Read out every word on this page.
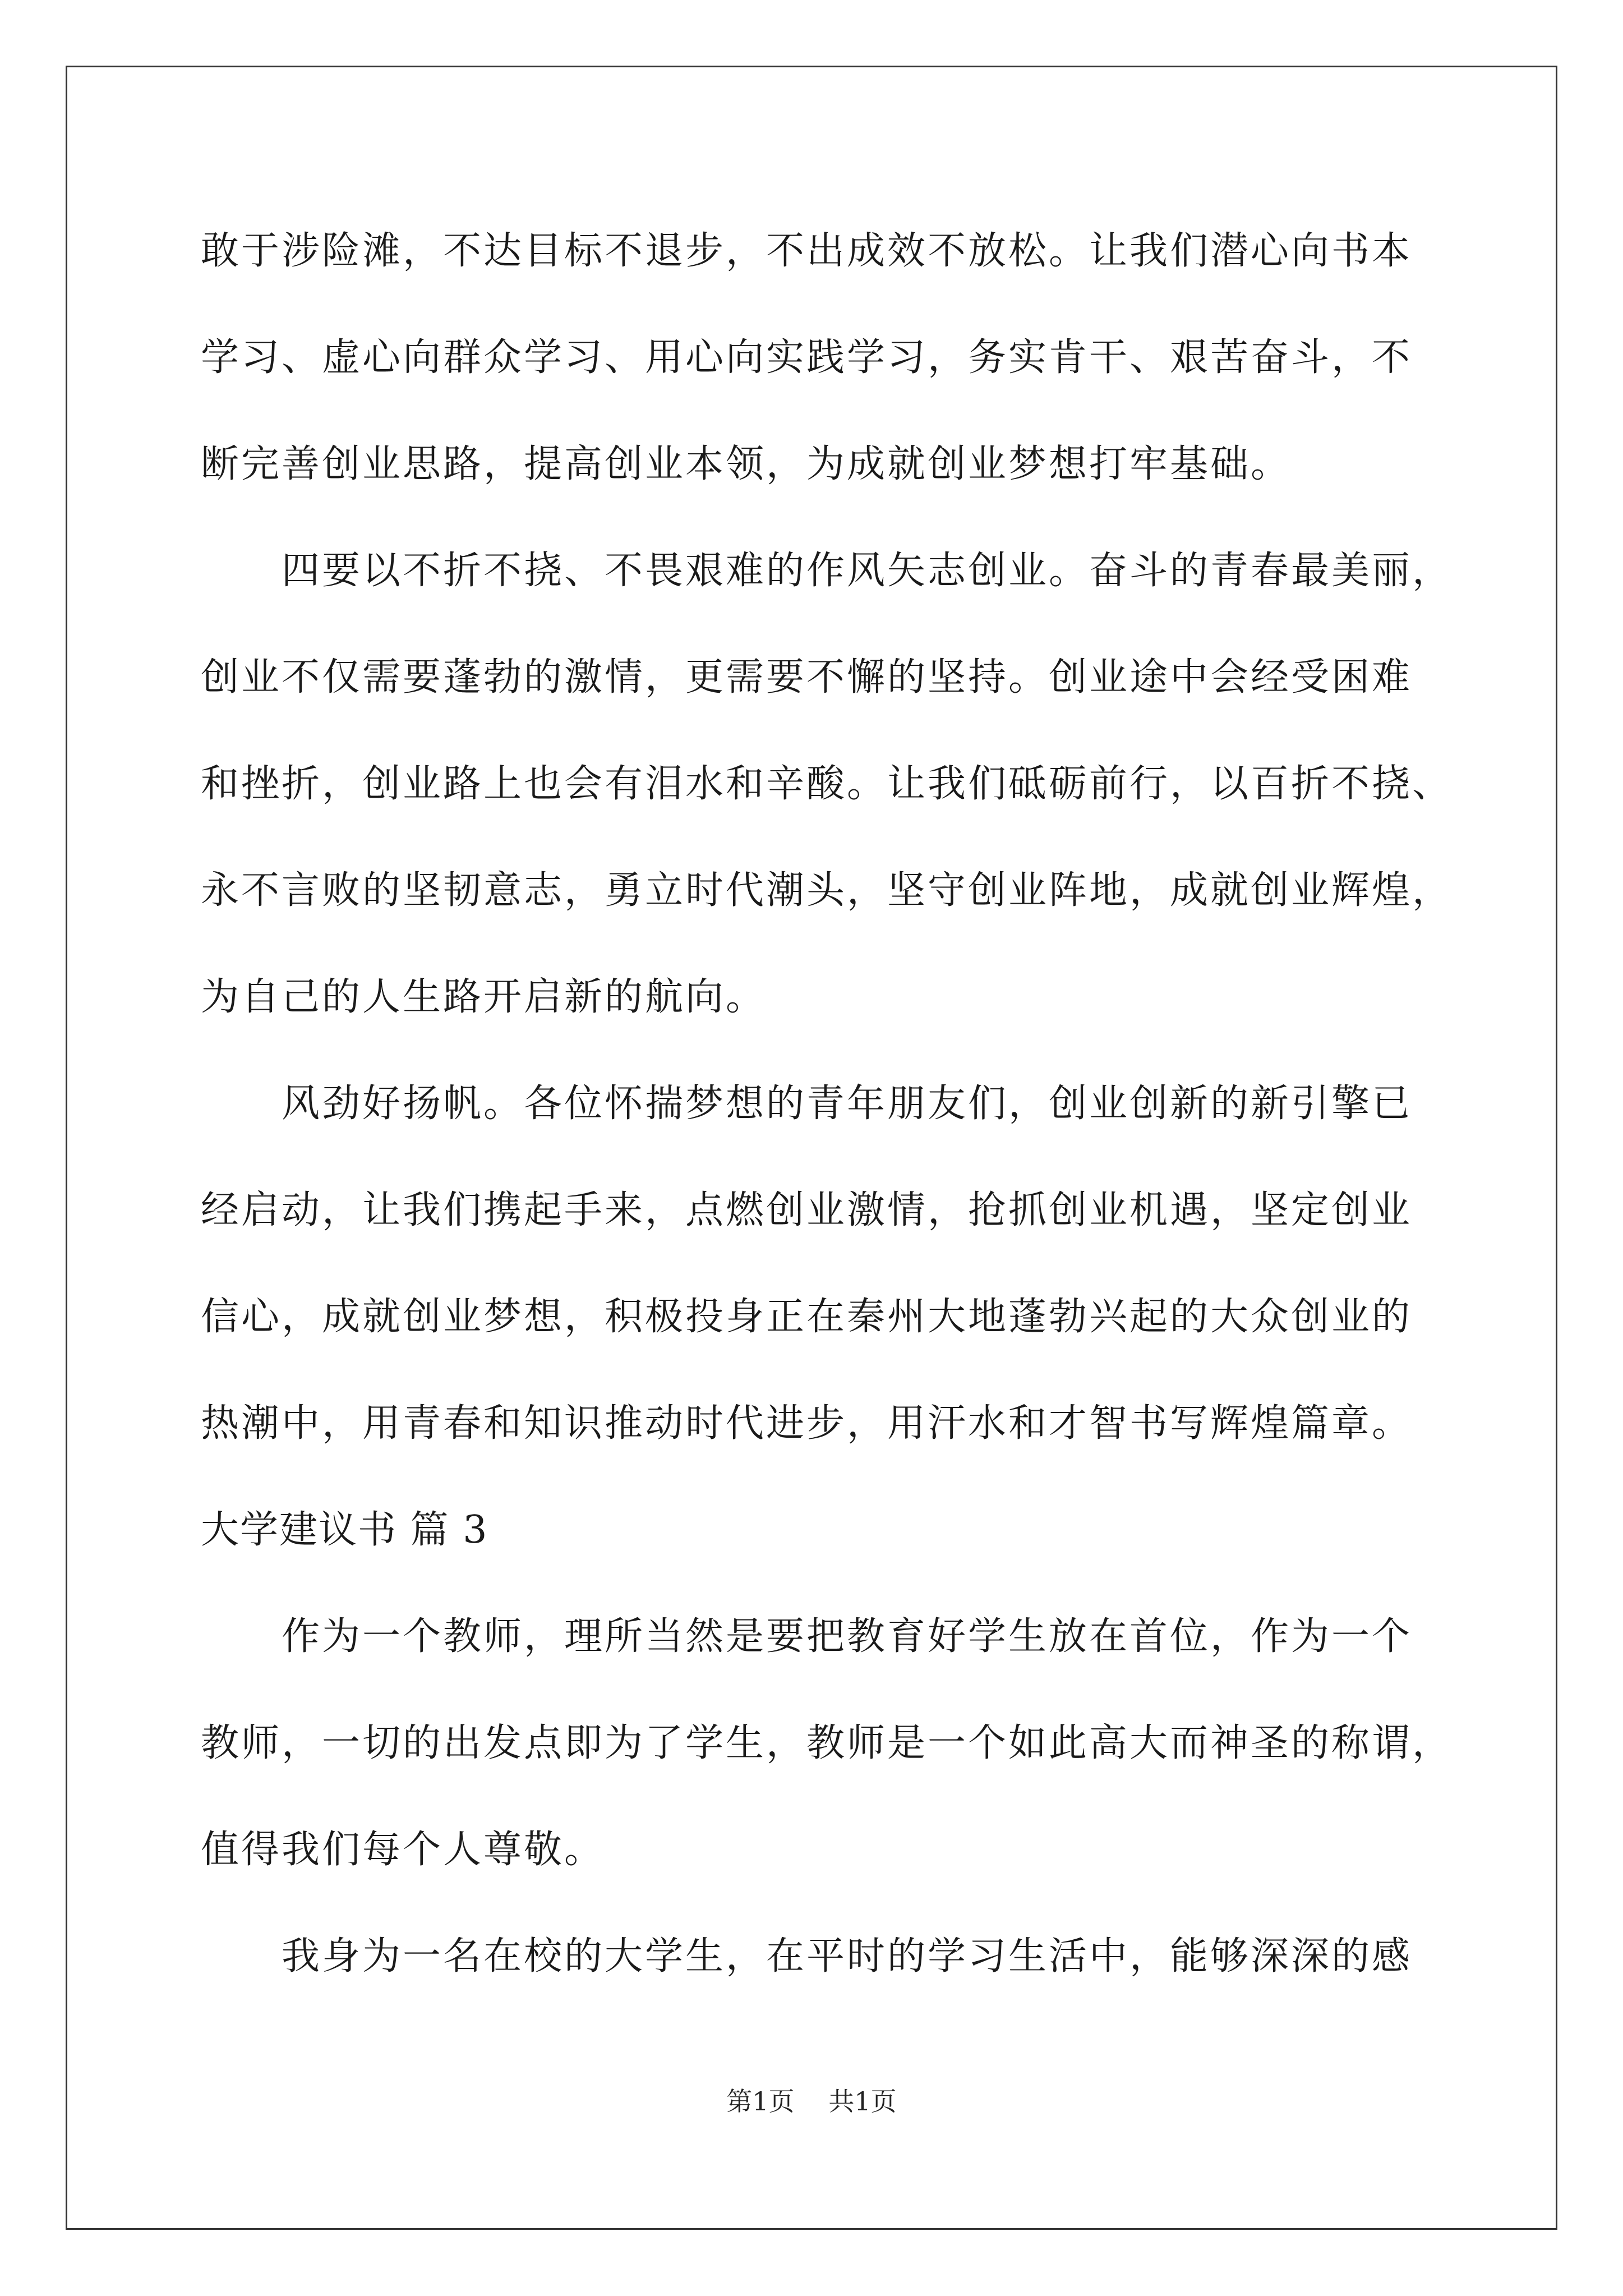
敢于涉险滩，不达目标不退步，不出成效不放松。让我们潜心向书本
学习、虚心向群众学习、用心向实践学习，务实肯干、艰苦奋斗，不
断完善创业思路，提高创业本领，为成就创业梦想打牢基础。
四要以不折不挠、不畏艰难的作风矢志创业。奋斗的青春最美丽，
创业不仅需要蓬勃的激情，更需要不懈的坚持。创业途中会经受困难
和挫折，创业路上也会有泪水和辛酸。让我们砥砺前行，以百折不挠、
永不言败的坚韧意志，勇立时代潮头，坚守创业阵地，成就创业辉煌，
为自己的人生路开启新的航向。
风劲好扬帆。各位怀揣梦想的青年朋友们，创业创新的新引擎已
经启动，让我们携起手来，点燃创业激情，抢抓创业机遇，坚定创业
信心，成就创业梦想，积极投身正在秦州大地蓬勃兴起的大众创业的
热潮中，用青春和知识推动时代进步，用汗水和才智书写辉煌篇章。
大学建议书 篇 3
作为一个教师，理所当然是要把教育好学生放在首位，作为一个
教师，一切的出发点即为了学生，教师是一个如此高大而神圣的称谓，
值得我们每个人尊敬。
我身为一名在校的大学生，在平时的学习生活中，能够深深的感
第1页 共1页
